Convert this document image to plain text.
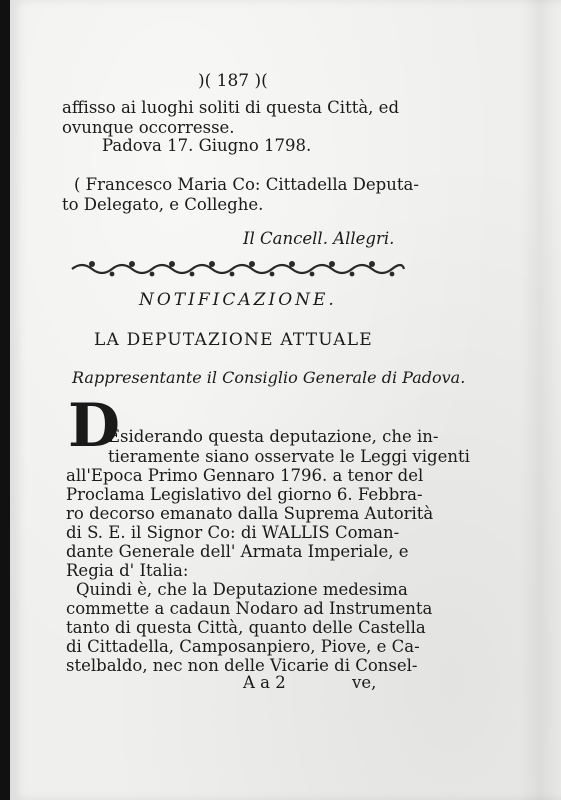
)( 187 )(
affisso ai luoghi soliti di questa Città, ed
ovunque occorresse.
Padova 17. Giugno 1798.
( Francesco Maria Co: Cittadella Deputa-
to Delegato, e Colleghe.
Il Cancell. Allegri.
NOTIFICAZIONE.
LA DEPUTAZIONE ATTUALE
Rappresentante il Consiglio Generale di Padova.
D
Esiderando questa deputazione, che in-
tieramente siano osservate le Leggi vigenti
all'Epoca Primo Gennaro 1796. a tenor del
Proclama Legislativo del giorno 6. Febbra-
ro decorso emanato dalla Suprema Autorità
di S. E. il Signor Co: di WALLIS Coman-
dante Generale dell' Armata Imperiale, e
Regia d' Italia:
Quindi è, che la Deputazione medesima
commette a cadaun Nodaro ad Instrumenta
tanto di questa Città, quanto delle Castella
di Cittadella, Camposanpiero, Piove, e Ca-
stelbaldo, nec non delle Vicarie di Consel-
A a 2	ve,
